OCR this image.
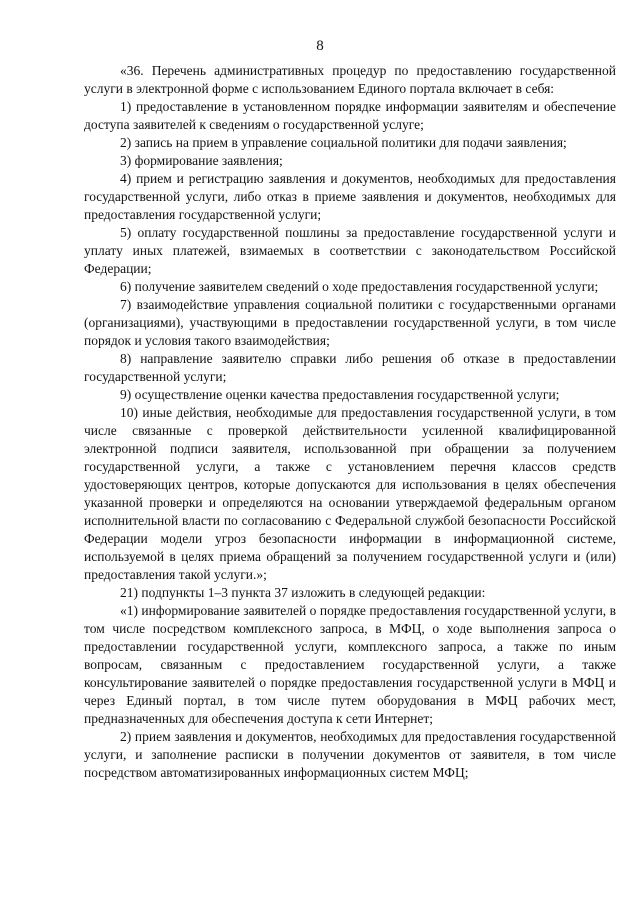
8

«36. Перечень административных процедур по предоставлению государственной услуги в электронной форме с использованием Единого портала включает в себя:

1) предоставление в установленном порядке информации заявителям и обеспечение доступа заявителей к сведениям о государственной услуге;

2) запись на прием в управление социальной политики для подачи заявления;

3) формирование заявления;

4) прием и регистрацию заявления и документов, необходимых для предоставления государственной услуги, либо отказ в приеме заявления и документов, необходимых для предоставления государственной услуги;

5) оплату государственной пошлины за предоставление государственной услуги и уплату иных платежей, взимаемых в соответствии с законодательством Российской Федерации;

6) получение заявителем сведений о ходе предоставления государственной услуги;

7) взаимодействие управления социальной политики с государственными органами (организациями), участвующими в предоставлении государственной услуги, в том числе порядок и условия такого взаимодействия;

8) направление заявителю справки либо решения об отказе в предоставлении государственной услуги;

9) осуществление оценки качества предоставления государственной услуги;

10) иные действия, необходимые для предоставления государственной услуги, в том числе связанные с проверкой действительности усиленной квалифицированной электронной подписи заявителя, использованной при обращении за получением государственной услуги, а также с установлением перечня классов средств удостоверяющих центров, которые допускаются для использования в целях обеспечения указанной проверки и определяются на основании утверждаемой федеральным органом исполнительной власти по согласованию с Федеральной службой безопасности Российской Федерации модели угроз безопасности информации в информационной системе, используемой в целях приема обращений за получением государственной услуги и (или) предоставления такой услуги.»;

21) подпункты 1–3 пункта 37 изложить в следующей редакции:

«1) информирование заявителей о порядке предоставления государственной услуги, в том числе посредством комплексного запроса, в МФЦ, о ходе выполнения запроса о предоставлении государственной услуги, комплексного запроса, а также по иным вопросам, связанным с предоставлением государственной услуги, а также консультирование заявителей о порядке предоставления государственной услуги в МФЦ и через Единый портал, в том числе путем оборудования в МФЦ рабочих мест, предназначенных для обеспечения доступа к сети Интернет;

2) прием заявления и документов, необходимых для предоставления государственной услуги, и заполнение расписки в получении документов от заявителя, в том числе посредством автоматизированных информационных систем МФЦ;
